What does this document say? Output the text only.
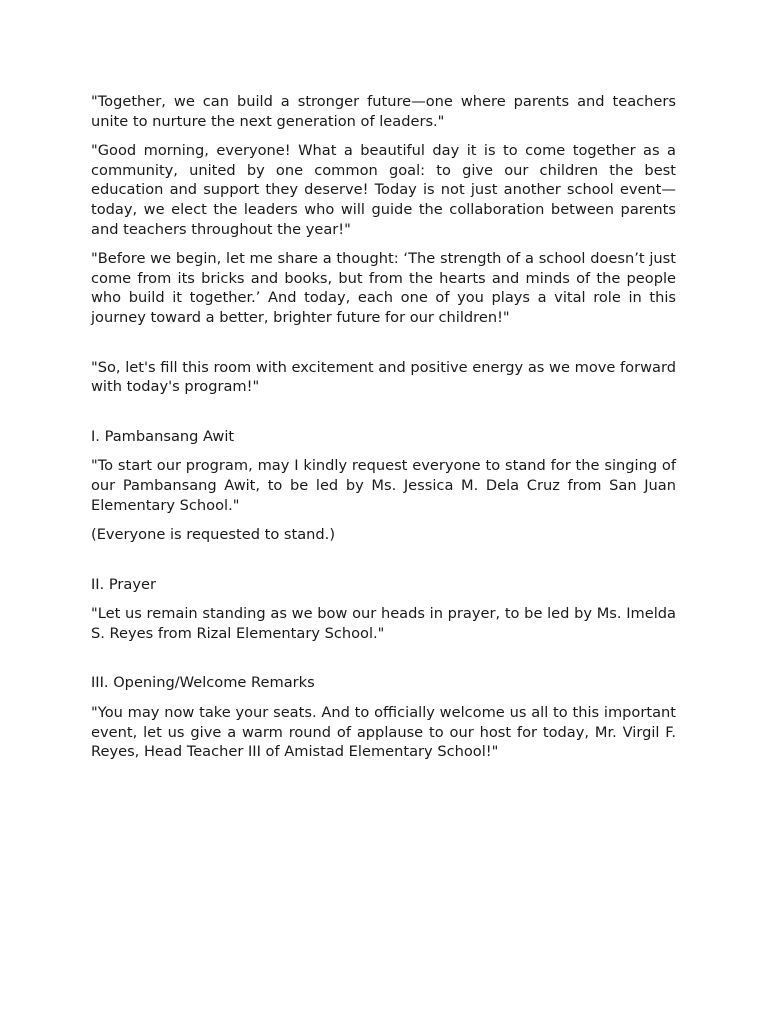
"Together, we can build a stronger future—one where parents and teachers unite to nurture the next generation of leaders."

"Good morning, everyone! What a beautiful day it is to come together as a community, united by one common goal: to give our children the best education and support they deserve! Today is not just another school event—today, we elect the leaders who will guide the collaboration between parents and teachers throughout the year!"

"Before we begin, let me share a thought: ‘The strength of a school doesn’t just come from its bricks and books, but from the hearts and minds of the people who build it together.’ And today, each one of you plays a vital role in this journey toward a better, brighter future for our children!"

"So, let's fill this room with excitement and positive energy as we move forward with today's program!"

I. Pambansang Awit

"To start our program, may I kindly request everyone to stand for the singing of our Pambansang Awit, to be led by Ms. Jessica M. Dela Cruz from San Juan Elementary School."

(Everyone is requested to stand.)

II. Prayer

"Let us remain standing as we bow our heads in prayer, to be led by Ms. Imelda S. Reyes from Rizal Elementary School."

III. Opening/Welcome Remarks

"You may now take your seats. And to officially welcome us all to this important event, let us give a warm round of applause to our host for today, Mr. Virgil F. Reyes, Head Teacher III of Amistad Elementary School!"
